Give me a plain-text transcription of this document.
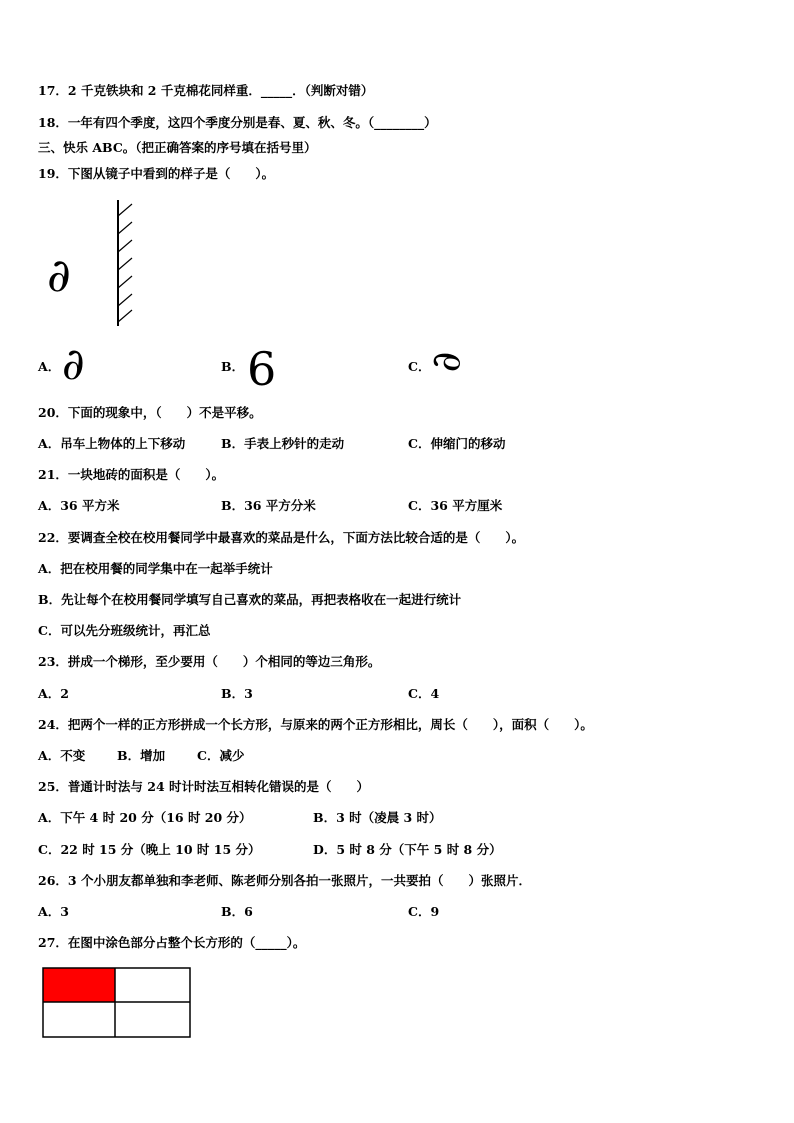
17．2 千克铁块和 2 千克棉花同样重．_____．（判断对错）
18．一年有四个季度，这四个季度分别是春、夏、秋、冬。（________）
三、快乐 ABC。（把正确答案的序号填在括号里）
19．下图从镜子中看到的样子是（　　）。
∂
A． ∂	B． 6	C．
∂
20．下面的现象中，（　　）不是平移。
A．吊车上物体的上下移动	B．手表上秒针的走动	C．伸缩门的移动
21．一块地砖的面积是（　　）。
A．36 平方米	B．36 平方分米	C．36 平方厘米
22．要调查全校在校用餐同学中最喜欢的菜品是什么，下面方法比较合适的是（　　）。
A．把在校用餐的同学集中在一起举手统计
B．先让每个在校用餐同学填写自己喜欢的菜品，再把表格收在一起进行统计
C．可以先分班级统计，再汇总
23．拼成一个梯形，至少要用（　　）个相同的等边三角形。
A．2	B．3	C．4
24．把两个一样的正方形拼成一个长方形，与原来的两个正方形相比，周长（　　），面积（　　）。
A．不变	B．增加	C．减少
25．普通计时法与 24 时计时法互相转化错误的是（　　）
A．下午 4 时 20 分（16 时 20 分）	B．3 时（凌晨 3 时）
C．22 时 15 分（晚上 10 时 15 分）	D．5 时 8 分（下午 5 时 8 分）
26．3 个小朋友都单独和李老师、陈老师分别各拍一张照片，一共要拍（　　）张照片．
A．3	B．6	C．9
27．在图中涂色部分占整个长方形的（_____）。
